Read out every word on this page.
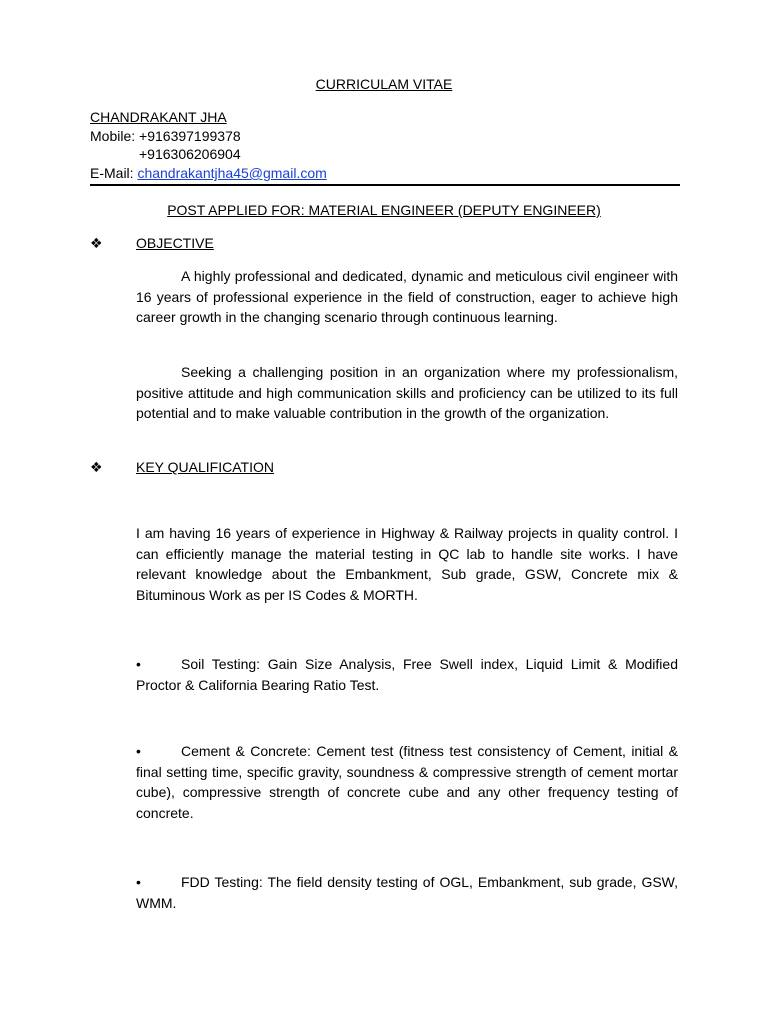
CURRICULAM VITAE
CHANDRAKANT JHA
Mobile: +916397199378
+916306206904
E-Mail: chandrakantjha45@gmail.com
POST APPLIED FOR: MATERIAL ENGINEER (DEPUTY ENGINEER)
❖ OBJECTIVE

A highly professional and dedicated, dynamic and meticulous civil engineer with 16 years of professional experience in the field of construction, eager to achieve high career growth in the changing scenario through continuous learning.

Seeking a challenging position in an organization where my professionalism, positive attitude and high communication skills and proficiency can be utilized to its full potential and to make valuable contribution in the growth of the organization.

❖ KEY QUALIFICATION

I am having 16 years of experience in Highway & Railway projects in quality control. I can efficiently manage the material testing in QC lab to handle site works. I have relevant knowledge about the Embankment, Sub grade, GSW, Concrete mix & Bituminous Work as per IS Codes & MORTH.

•	Soil Testing: Gain Size Analysis, Free Swell index, Liquid Limit & Modified Proctor & California Bearing Ratio Test.

•	Cement & Concrete: Cement test (fitness test consistency of Cement, initial & final setting time, specific gravity, soundness & compressive strength of cement mortar cube), compressive strength of concrete cube and any other frequency testing of concrete.

•	FDD Testing: The field density testing of OGL, Embankment, sub grade, GSW, WMM.
